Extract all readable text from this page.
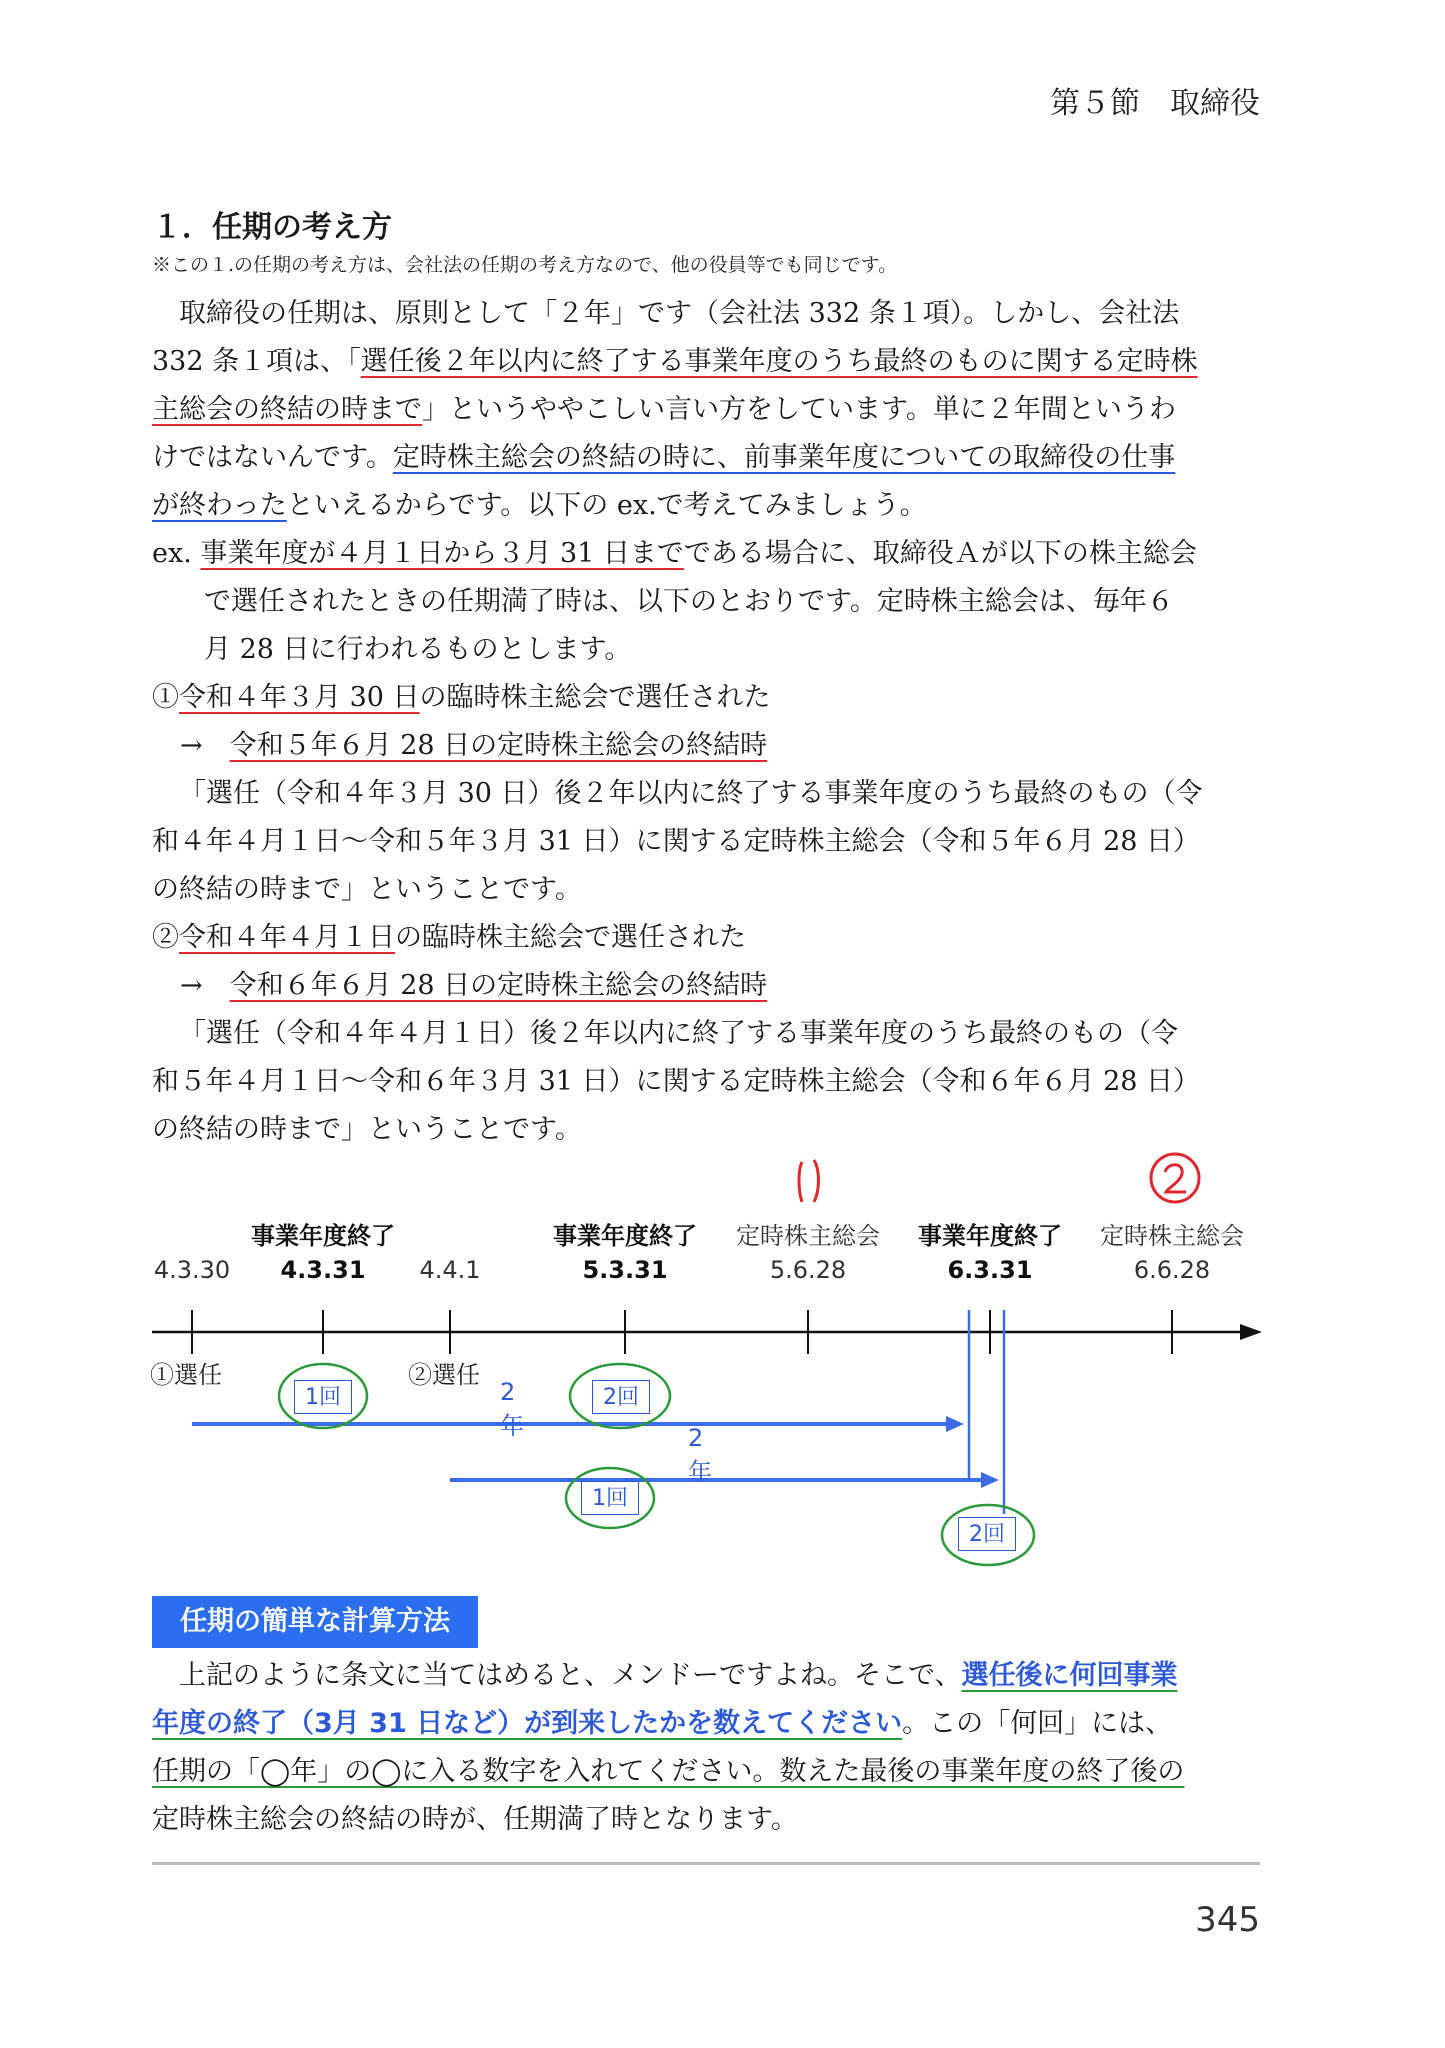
第５節　取締役
１．任期の考え方
※この１.の任期の考え方は、会社法の任期の考え方なので、他の役員等でも同じです。
取締役の任期は、原則として「２年」です（会社法 332 条１項）。しかし、会社法
332 条１項は、「選任後２年以内に終了する事業年度のうち最終のものに関する定時株
主総会の終結の時まで」というややこしい言い方をしています。単に２年間というわ
けではないんです。定時株主総会の終結の時に、前事業年度についての取締役の仕事
が終わったといえるからです。以下の ex.で考えてみましょう。
ex. 事業年度が４月１日から３月 31 日までである場合に、取締役Ａが以下の株主総会
で選任されたときの任期満了時は、以下のとおりです。定時株主総会は、毎年６
月 28 日に行われるものとします。
①令和４年３月 30 日の臨時株主総会で選任された
→　 令和５年６月 28 日の定時株主総会の終結時
「選任（令和４年３月 30 日）後２年以内に終了する事業年度のうち最終のもの（令
和４年４月１日～令和５年３月 31 日）に関する定時株主総会（令和５年６月 28 日）
の終結の時まで」ということです。
②令和４年４月１日の臨時株主総会で選任された
→　 令和６年６月 28 日の定時株主総会の終結時
「選任（令和４年４月１日）後２年以内に終了する事業年度のうち最終のもの（令
和５年４月１日～令和６年３月 31 日）に関する定時株主総会（令和６年６月 28 日）
の終結の時まで」ということです。
事業年度終了	事業年度終了 定時株主総会 事業年度終了 定時株主総会
4.3.30 4.3.31 4.4.1	5.3.31	5.6.28	6.3.31	6.6.28
①選任	②選任
2年	2年
1回	2回
1回
2回
任期の簡単な計算方法
上記のように条文に当てはめると、メンドーですよね。そこで、選任後に何回事業
年度の終了（3月 31 日など）が到来したかを数えてください。この「何回」には、
任期の「◯年」の◯に入る数字を入れてください。数えた最後の事業年度の終了後の
定時株主総会の終結の時が、任期満了時となります。
345
